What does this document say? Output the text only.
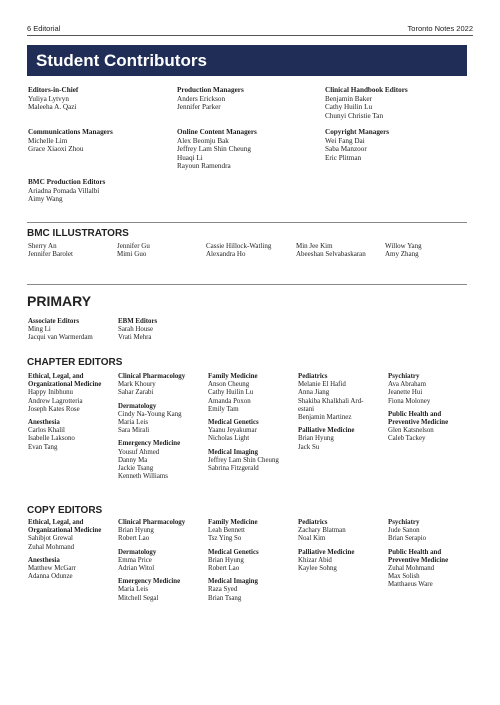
6 Editorial	Toronto Notes 2022
Student Contributors
Editors-in-Chief
Yuliya Lytvyn
Maleeha A. Qazi
Production Managers
Anders Erickson
Jennifer Parker
Clinical Handbook Editors
Benjamin Baker
Cathy Huilin Lu
Chunyi Christie Tan
Communications Managers
Michelle Lim
Grace Xiaoxi Zhou
Online Content Managers
Alex Beomju Bak
Jeffrey Lam Shin Cheung
Huaqi Li
Rayoun Ramendra
Copyright Managers
Wei Fang Dai
Saba Manzoor
Eric Plitman
BMC Production Editors
Ariadna Pomada Villalbí
Aimy Wang
BMC ILLUSTRATORS
Sherry An
Jennifer Barolet
Jennifer Gu
Mimi Guo
Cassie Hillock-Watling
Alexandra Ho
Min Jee Kim
Abeeshan Selvabaskaran
Willow Yang
Amy Zhang
PRIMARY
Associate Editors
Ming Li
Jacqui van Warmerdam
EBM Editors
Sarah House
Vrati Mehra
CHAPTER EDITORS
Ethical, Legal, and Organizational Medicine
Happy Inibhunu
Andrew Lagrotteria
Joseph Kates Rose
Anesthesia
Carlos Khalil
Isabelle Laksono
Evan Tang
Clinical Pharmacology
Mark Khoury
Sahar Zarabi
Dermatology
Cindy Na-Young Kang
Maria Leis
Sara Mirali
Emergency Medicine
Yousuf Ahmed
Danny Ma
Jackie Tsang
Kenneth Williams
Family Medicine
Anson Cheung
Cathy Huilin Lu
Amanda Poxon
Emily Tam
Medical Genetics
Yaanu Jeyakumar
Nicholas Light
Medical Imaging
Jeffrey Lam Shin Cheung
Sabrina Fitzgerald
Pediatrics
Melanie El Hafid
Anna Jiang
Shakiba Khalkhali Ard-
estani
Benjamin Martinez
Palliative Medicine
Brian Hyung
Jack Su
Psychiatry
Ava Abraham
Jeanette Hui
Fiona Moloney
Public Health and Preventive Medicine
Glen Katsnelson
Caleb Tackey
COPY EDITORS
Ethical, Legal, and Organizational Medicine
Sahibjot Grewal
Zuhal Mohmand
Anesthesia
Matthew McGarr
Adanna Odunze
Clinical Pharmacology
Brian Hyung
Robert Lao
Dermatology
Emma Price
Adrian Witol
Emergency Medicine
Maria Leis
Mitchell Segal
Family Medicine
Leah Bennett
Tsz Ying So
Medical Genetics
Brian Hyung
Robert Lao
Medical Imaging
Raza Syed
Brian Tsang
Pediatrics
Zachary Blatman
Noal Kim
Palliative Medicine
Khizar Abid
Kaylee Sohng
Psychiatry
Jude Sanon
Brian Serapio
Public Health and Preventive Medicine
Zuhal Mohmand
Max Solish
Matthaeus Ware
